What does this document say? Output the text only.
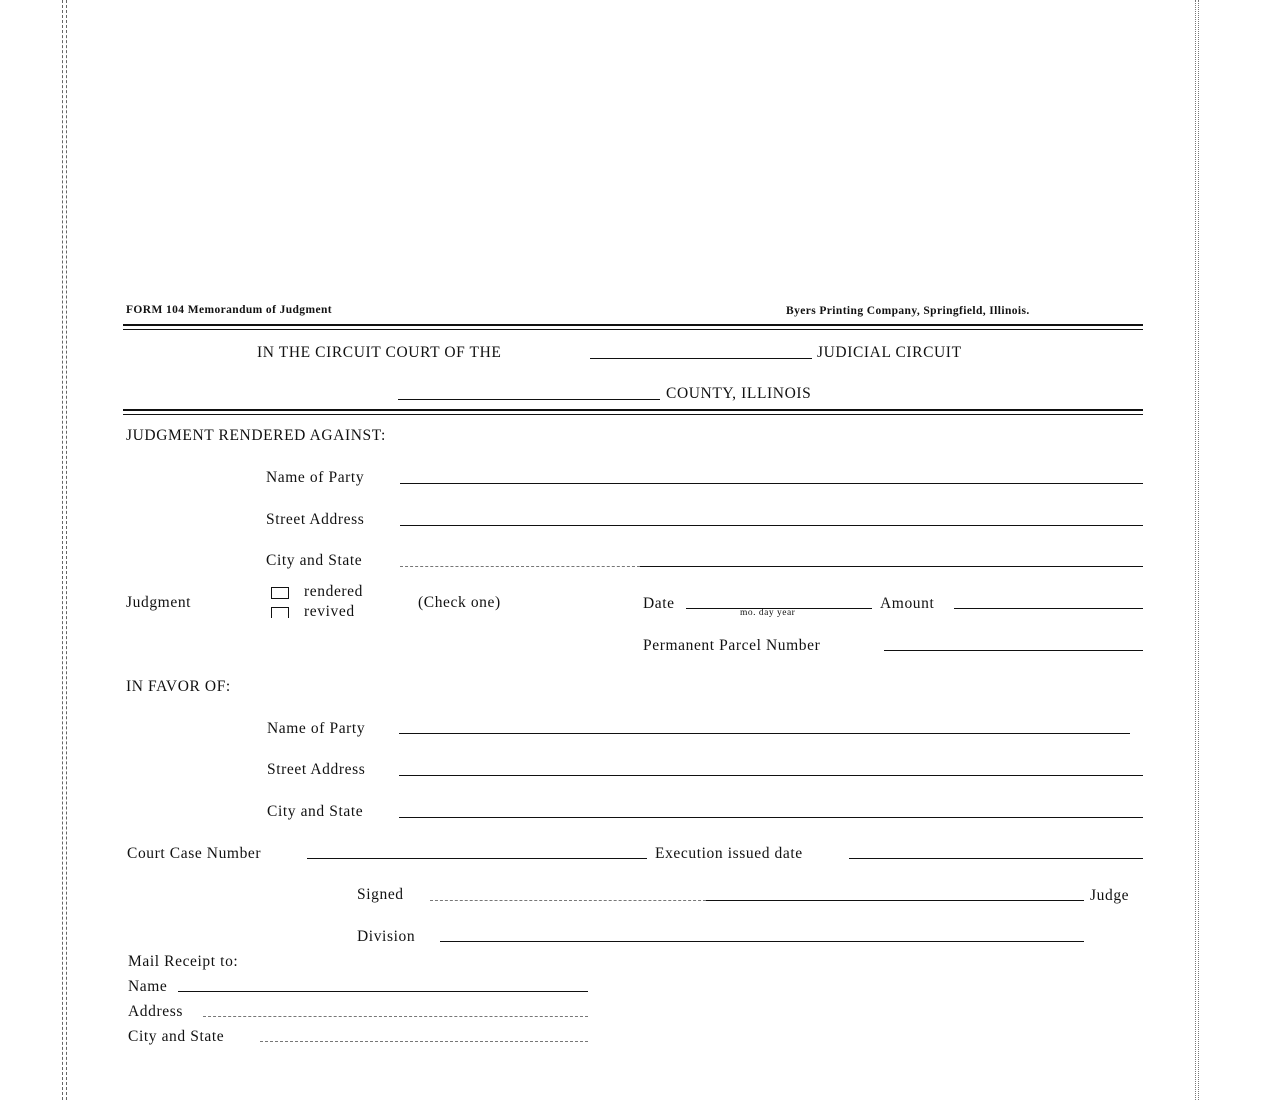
FORM 104 Memorandum of Judgment	Byers Printing Company, Springfield, Illinois.
IN THE CIRCUIT COURT OF THE	JUDICIAL CIRCUIT
COUNTY, ILLINOIS
JUDGMENT RENDERED AGAINST:
Name of Party
Street Address
City and State
Judgment
rendered
revived
(Check one)	Date
mo. day year
Amount
Permanent Parcel Number
IN FAVOR OF:
Name of Party
Street Address
City and State
Court Case Number	Execution issued date
Signed	Judge
Division
Mail Receipt to:
Name
Address
City and State
